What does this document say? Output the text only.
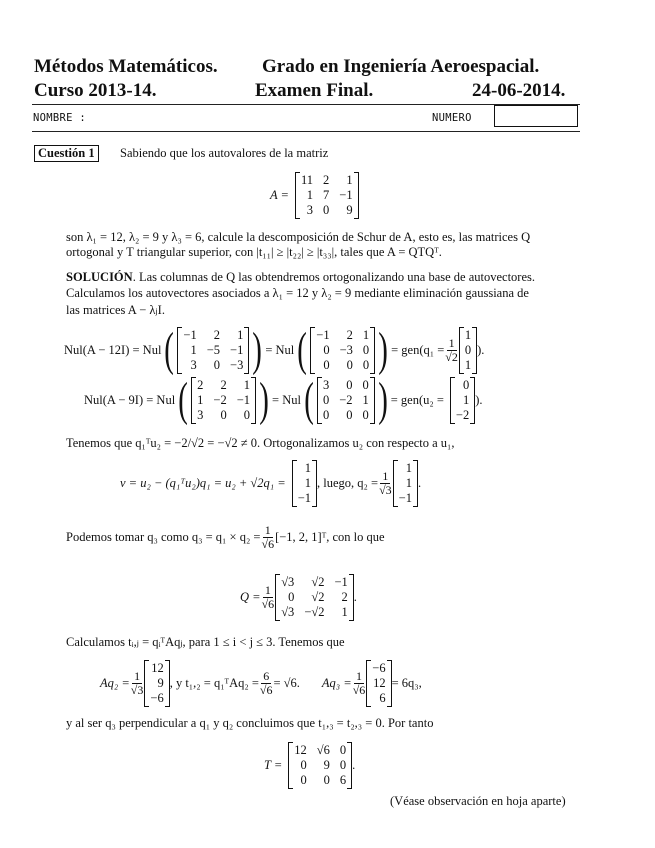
Métodos Matemáticos. Grado en Ingeniería Aeroespacial.
Curso 2013-14.	Examen Final.	24-06-2014.
NOMBRE :	NUMERO
Cuestión 1	Sabiendo que los autovalores de la matriz
A =
11 2	1
1 7 −1
3 0	9
son λ₁ = 12, λ₂ = 9 y λ₃ = 6, calcule la descomposición de Schur de A, esto es, las matrices Q
ortogonal y T triangular superior, con |t₁₁| ≥ |t₂₂| ≥ |t₃₃|, tales que A = QTQᵀ.
SOLUCIÓN. Las columnas de Q las obtendremos ortogonalizando una base de autovectores.
Calculamos los autovectores asociados a λ₁ = 12 y λ₂ = 9 mediante eliminación gaussiana de
las matrices A − λⱼI.
Nul(A − 12I) = Nul ( −1	2	1
1 −5 −1
3	0 −3 ) = Nul ( −1	2 1
0 −3 0
0	0 0 ) = $gen(q_1 = \frac{1}{√2}$
1
0
1
).
Nul(A − 9I) = Nul ( 2	2	1
1 −2 −1
3	0	0 ) = Nul ( 3	0 0
0 −2 1
0	0 0 ) = gen(u₂ =
0
1
−2
).
Tenemos que q₁ᵀu₂ = −2/√2 = −√2 ≠ 0. Ortogonalizamos u₂ con respecto a u₁,
v = u₂ − (q₁ᵀu₂)q₁ = u₂ + √2q₁ =
1
1
−1
, luego, $q_2 = \frac{1}{√3}$
1
1
−1
.
Podemos tomar q₃ como $q_3 = q_1 \times q_2 = \frac{1}{√6} [-1$, 2, 1]ᵀ, con lo que
$Q = \frac{1}{√6}$
√3	√2 −1
0	√2	2
√3 −√2	1
.
Calculamos tᵢ,ⱼ = qᵢᵀAqⱼ, para 1 ≤ i < j ≤ 3. Tenemos que
$Aq_2 = \frac{1}{√3}$
12
9
−6
, y t₁,₂ = q₁ᵀAq₂ = $\frac{6}{√6} = √6$. $Aq_3 = \frac{1}{√6}$
−6
12
6
= 6q₃,
y al ser q₃ perpendicular a q₁ y q₂ concluimos que t₁,₃ = t₂,₃ = 0. Por tanto
T =
12 √6 0
0	9 0
0	0 6
.
(Véase observación en hoja aparte)
